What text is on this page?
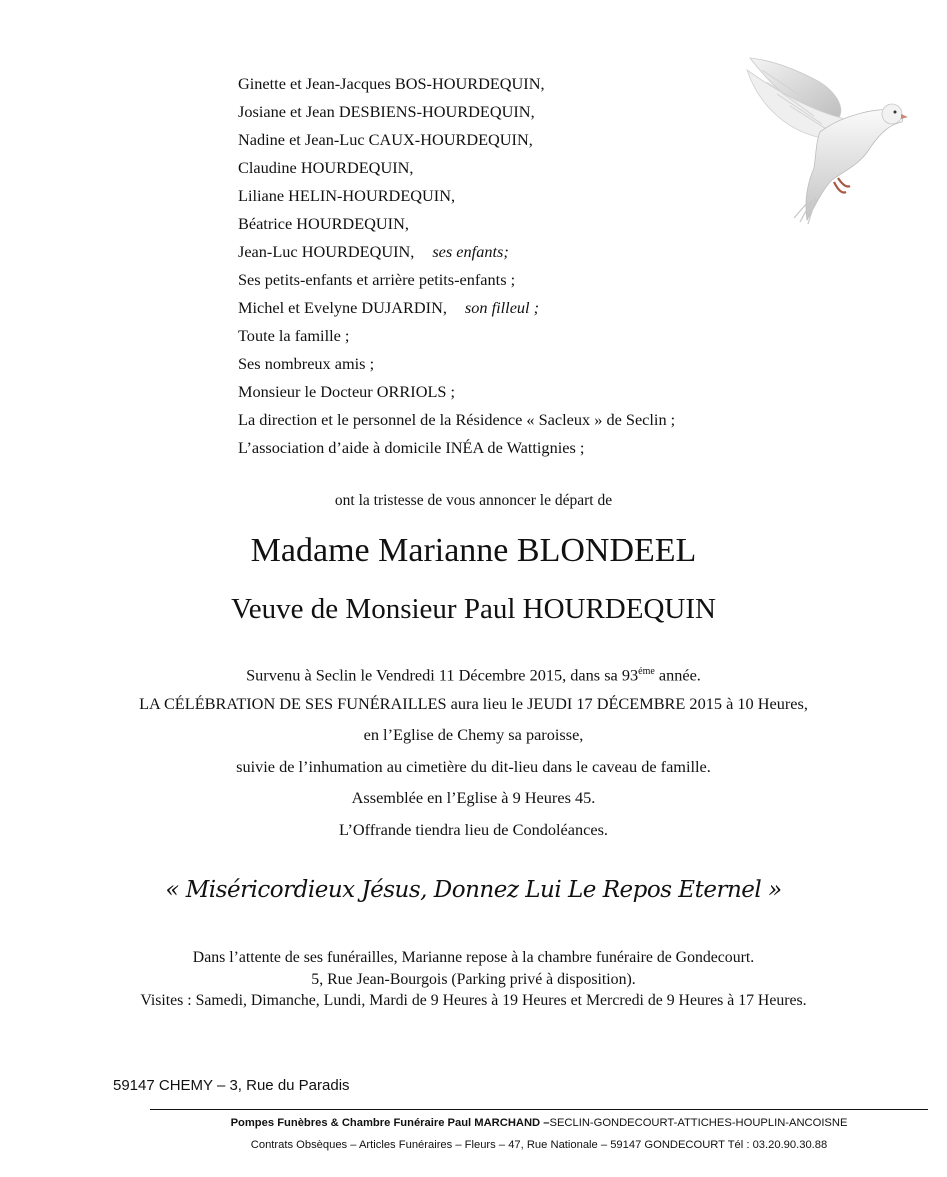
Ginette et Jean-Jacques BOS-HOURDEQUIN,
Josiane et Jean DESBIENS-HOURDEQUIN,
Nadine et Jean-Luc CAUX-HOURDEQUIN,
Claudine HOURDEQUIN,
Liliane HELIN-HOURDEQUIN,
Béatrice HOURDEQUIN,
Jean-Luc HOURDEQUIN, ses enfants;
Ses petits-enfants et arrière petits-enfants ;
Michel et Evelyne DUJARDIN, son filleul ;
Toute la famille ;
Ses nombreux amis ;
Monsieur le Docteur ORRIOLS ;
La direction et le personnel de la Résidence « Sacleux » de Seclin ;
L’association d’aide à domicile INÉA de Wattignies ;
ont la tristesse de vous annoncer le départ de
Madame Marianne BLONDEEL
Veuve de Monsieur Paul HOURDEQUIN
Survenu à Seclin le Vendredi 11 Décembre 2015, dans sa $93^{éme}$ année.
LA CÉLÉBRATION DE SES FUNÉRAILLES aura lieu le JEUDI 17 DÉCEMBRE 2015 à 10 Heures,
en l’Eglise de Chemy sa paroisse,
suivie de l’inhumation au cimetière du dit-lieu dans le caveau de famille.
Assemblée en l’Eglise à 9 Heures 45.
L’Offrande tiendra lieu de Condoléances.
« Miséricordieux Jésus, Donnez Lui Le Repos Eternel »
Dans l’attente de ses funérailles, Marianne repose à la chambre funéraire de Gondecourt.
5, Rue Jean-Bourgois (Parking privé à disposition).
Visites : Samedi, Dimanche, Lundi, Mardi de 9 Heures à 19 Heures et Mercredi de 9 Heures à 17 Heures.
59147 CHEMY – 3, Rue du Paradis
Pompes Funèbres & Chambre Funéraire Paul MARCHAND –SECLIN-GONDECOURT-ATTICHES-HOUPLIN-ANCOISNE
Contrats Obsèques – Articles Funéraires – Fleurs – 47, Rue Nationale – 59147 GONDECOURT Tél : 03.20.90.30.88
